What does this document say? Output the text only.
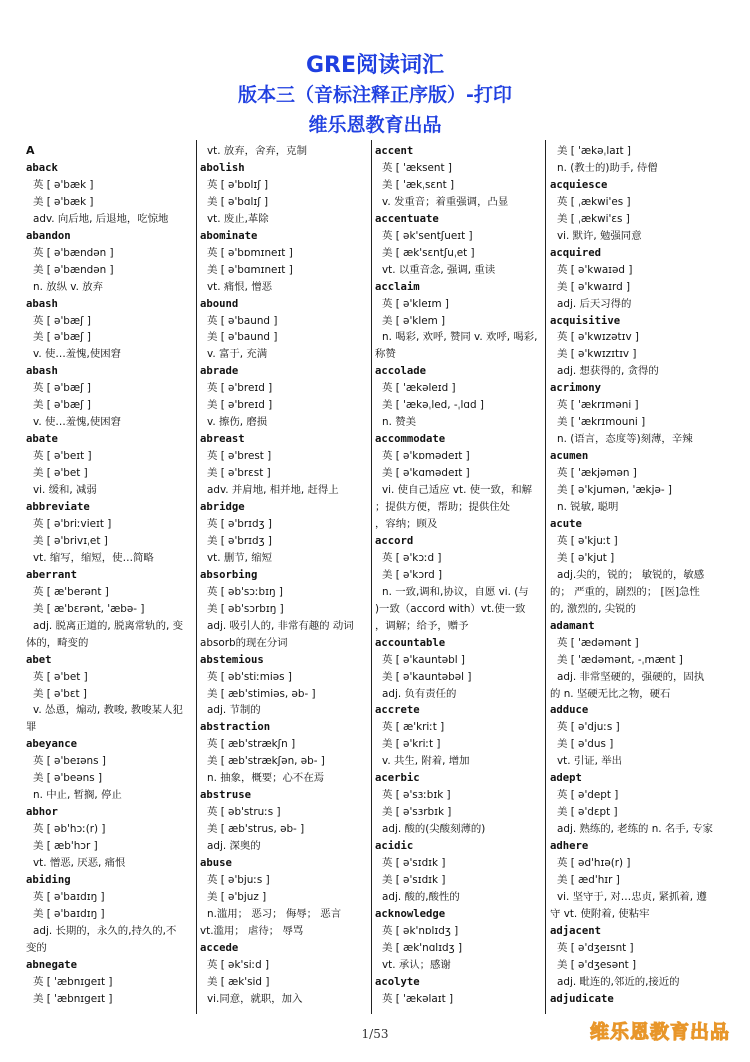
GRE阅读词汇
版本三（音标注释正序版）-打印
维乐恩教育出品
A
aback
英 [ ə'bæk ]
美 [ ə'bæk ]
adv. 向后地, 后退地，吃惊地
abandon
英 [ ə'bændən ]
美 [ ə'bændən ]
n. 放纵 v. 放弃
abash
英 [ ə'bæʃ ]
美 [ ə'bæʃ ]
v. 使…羞愧,使困窘
abash
英 [ ə'bæʃ ]
美 [ ə'bæʃ ]
v. 使…羞愧,使困窘
abate
英 [ ə'beɪt ]
美 [ ə'bet ]
vi. 缓和, 减弱
abbreviate
英 [ ə'briːvieɪt ]
美 [ ə'brivɪˌet ]
vt. 缩写，缩短，使…简略
aberrant
英 [ æ'berənt ]
美 [ æ'bɛrənt, 'æbə- ]
adj. 脱离正道的, 脱离常轨的, 变
体的，畸变的
abet
英 [ ə'bet ]
美 [ ə'bɛt ]
v. 怂恿，煽动, 教唆, 教唆某人犯
罪
abeyance
英 [ ə'beɪəns ]
美 [ ə'beəns ]
n. 中止, 暂搁, 停止
abhor
英 [ əb'hɔː(r) ]
美 [ æb'hɔr ]
vt. 憎恶, 厌恶, 痛恨
abiding
英 [ ə'baɪdɪŋ ]
美 [ ə'baɪdɪŋ ]
adj. 长期的，永久的,持久的,不
变的
abnegate
英 [ 'æbnɪgeɪt ]
美 [ 'æbnɪgeɪt ]
vt. 放弃，舍弃，克制
abolish
英 [ ə'bɒlɪʃ ]
美 [ ə'bɑlɪʃ ]
vt. 废止,革除
abominate
英 [ ə'bɒmɪneɪt ]
美 [ ə'bɑmɪneɪt ]
vt. 痛恨, 憎恶
abound
英 [ ə'baund ]
美 [ ə'baund ]
v. 富于, 充满
abrade
英 [ ə'breɪd ]
美 [ ə'breɪd ]
v. 擦伤, 磨损
abreast
英 [ ə'brest ]
美 [ ə'brɛst ]
adv. 并肩地, 相并地, 赶得上
abridge
英 [ ə'brɪdʒ ]
美 [ ə'brɪdʒ ]
vt. 删节, 缩短
absorbing
英 [ əb'sɔːbɪŋ ]
美 [ əb'sɔrbɪŋ ]
adj. 吸引人的, 非常有趣的 动词
absorb的现在分词
abstemious
英 [ əb'stiːmiəs ]
美 [ æb'stimiəs, əb- ]
adj. 节制的
abstraction
英 [ æb'strækʃn ]
美 [ æb'strækʃən, əb- ]
n. 抽象，概要；心不在焉
abstruse
英 [ əb'struːs ]
美 [ æb'strus, əb- ]
adj. 深奥的
abuse
英 [ ə'bjuːs ]
美 [ ə'bjuz ]
n.滥用； 恶习； 侮辱； 恶言
vt.滥用； 虐待； 辱骂
accede
英 [ ək'siːd ]
美 [ æk'sid ]
vi.同意，就职，加入
accent
英 [ 'æksent ]
美 [ 'ækˌsɛnt ]
v. 发重音；着重强调，凸显
accentuate
英 [ ək'sentʃueɪt ]
美 [ æk'sɛntʃuˌet ]
vt. 以重音念, 强调, 重读
acclaim
英 [ ə'kleɪm ]
美 [ ə'klem ]
n. 喝彩, 欢呼, 赞同 v. 欢呼, 喝彩,
称赞
accolade
英 [ 'ækəleɪd ]
美 [ 'ækəˌled, -ˌlɑd ]
n. 赞美
accommodate
英 [ ə'kɒmədeɪt ]
美 [ ə'kɑmədeɪt ]
vi. 使自己适应 vt. 使一致，和解
；提供方便，帮助；提供住处
，容纳；顾及
accord
英 [ ə'kɔːd ]
美 [ ə'kɔrd ]
n. 一致,调和,协议，自愿 vi. (与
)一致（accord with）vt.使一致
，调解；给予，赠予
accountable
英 [ ə'kauntəbl ]
美 [ ə'kauntəbəl ]
adj. 负有责任的
accrete
英 [ æ'kriːt ]
美 [ ə'kriːt ]
v. 共生, 附着, 增加
acerbic
英 [ ə'sɜːbɪk ]
美 [ ə'sɜrbɪk ]
adj. 酸的(尖酸刻薄的)
acidic
英 [ ə'sɪdɪk ]
美 [ ə'sɪdɪk ]
adj. 酸的,酸性的
acknowledge
英 [ ək'nɒlɪdʒ ]
美 [ æk'nɑlɪdʒ ]
vt. 承认；感谢
acolyte
英 [ 'ækəlaɪt ]
美 [ 'ækəˌlaɪt ]
n. (教士的)助手, 侍僧
acquiesce
英 [ ˌækwi'es ]
美 [ ˌækwi'ɛs ]
vi. 默许, 勉强同意
acquired
英 [ ə'kwaɪəd ]
美 [ ə'kwaɪrd ]
adj. 后天习得的
acquisitive
英 [ ə'kwɪzətɪv ]
美 [ ə'kwɪzɪtɪv ]
adj. 想获得的, 贪得的
acrimony
英 [ 'ækrɪməni ]
美 [ 'ækrɪmouni ]
n. (语言，态度等)刻薄，辛辣
acumen
英 [ 'ækjəmən ]
美 [ ə'kjumən, 'ækjə- ]
n. 锐敏, 聪明
acute
英 [ ə'kjuːt ]
美 [ ə'kjut ]
adj.尖的，锐的； 敏锐的，敏感
的； 严重的，剧烈的； [医]急性
的, 激烈的, 尖锐的
adamant
英 [ 'ædəmənt ]
美 [ 'ædəmənt, -ˌmænt ]
adj. 非常坚硬的，强硬的，固执
的 n. 坚硬无比之物，硬石
adduce
英 [ ə'djuːs ]
美 [ ə'dus ]
vt. 引证, 举出
adept
英 [ ə'dept ]
美 [ ə'dɛpt ]
adj. 熟练的, 老练的 n. 名手, 专家
adhere
英 [ əd'hɪə(r) ]
美 [ æd'hɪr ]
vi. 坚守于, 对…忠贞, 紧抓着, 遵
守 vt. 使附着, 使粘牢
adjacent
英 [ ə'dʒeɪsnt ]
美 [ ə'dʒesənt ]
adj. 毗连的,邻近的,接近的
adjudicate
1/53	维乐恩教育出品
